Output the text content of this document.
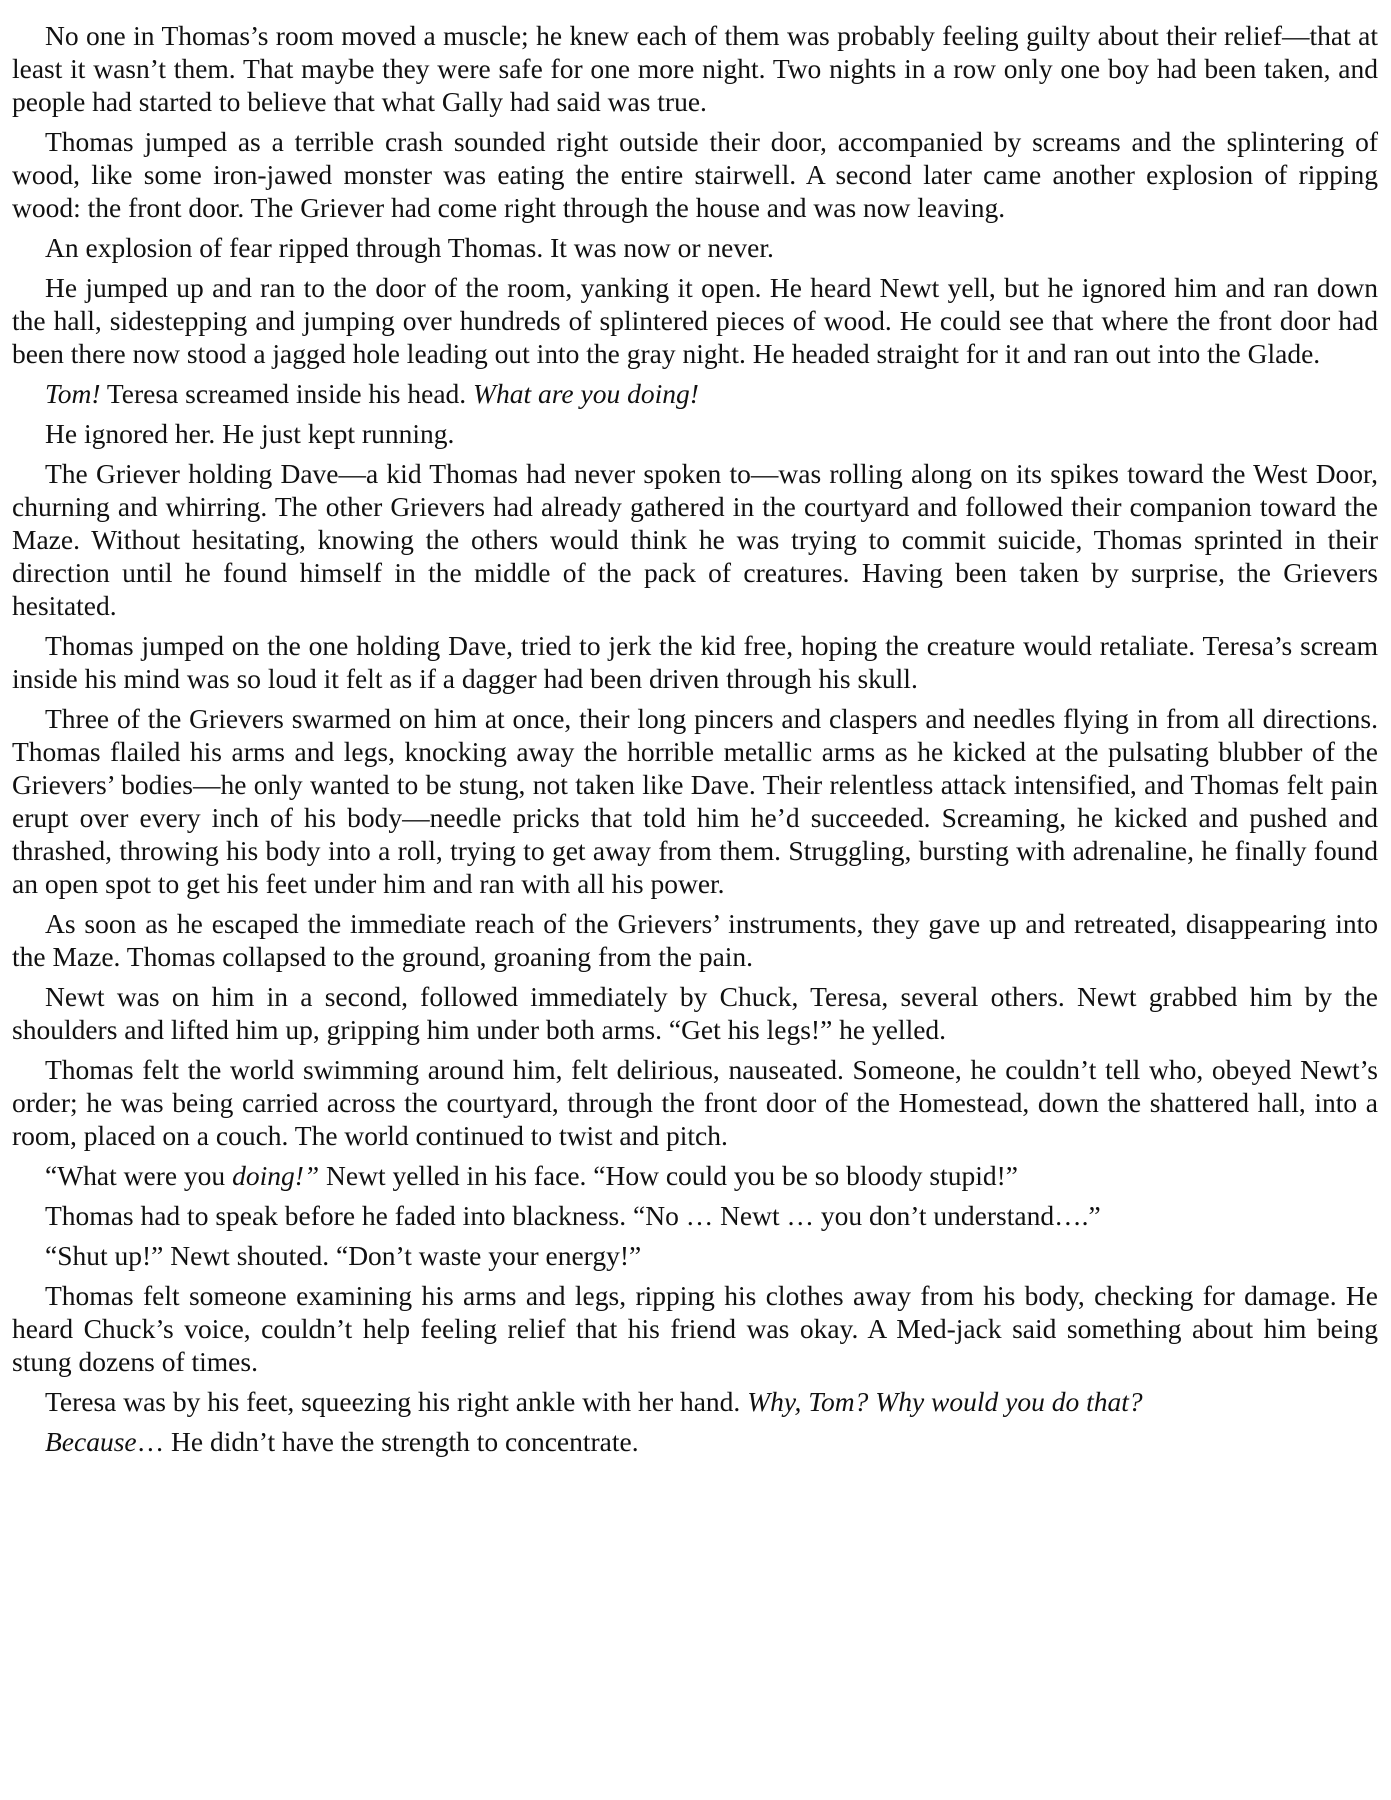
No one in Thomas’s room moved a muscle; he knew each of them was probably feeling guilty about their relief—that at least it wasn’t them. That maybe they were safe for one more night. Two nights in a row only one boy had been taken, and people had started to believe that what Gally had said was true.

Thomas jumped as a terrible crash sounded right outside their door, accompanied by screams and the splintering of wood, like some iron-jawed monster was eating the entire stairwell. A second later came another explosion of ripping wood: the front door. The Griever had come right through the house and was now leaving.

An explosion of fear ripped through Thomas. It was now or never.

He jumped up and ran to the door of the room, yanking it open. He heard Newt yell, but he ignored him and ran down the hall, sidestepping and jumping over hundreds of splintered pieces of wood. He could see that where the front door had been there now stood a jagged hole leading out into the gray night. He headed straight for it and ran out into the Glade.

Tom! Teresa screamed inside his head. What are you doing!

He ignored her. He just kept running.

The Griever holding Dave—a kid Thomas had never spoken to—was rolling along on its spikes toward the West Door, churning and whirring. The other Grievers had already gathered in the courtyard and followed their companion toward the Maze. Without hesitating, knowing the others would think he was trying to commit suicide, Thomas sprinted in their direction until he found himself in the middle of the pack of creatures. Having been taken by surprise, the Grievers hesitated.

Thomas jumped on the one holding Dave, tried to jerk the kid free, hoping the creature would retaliate. Teresa’s scream inside his mind was so loud it felt as if a dagger had been driven through his skull.

Three of the Grievers swarmed on him at once, their long pincers and claspers and needles flying in from all directions. Thomas flailed his arms and legs, knocking away the horrible metallic arms as he kicked at the pulsating blubber of the Grievers’ bodies—he only wanted to be stung, not taken like Dave. Their relentless attack intensified, and Thomas felt pain erupt over every inch of his body—needle pricks that told him he’d succeeded. Screaming, he kicked and pushed and thrashed, throwing his body into a roll, trying to get away from them. Struggling, bursting with adrenaline, he finally found an open spot to get his feet under him and ran with all his power.

As soon as he escaped the immediate reach of the Grievers’ instruments, they gave up and retreated, disappearing into the Maze. Thomas collapsed to the ground, groaning from the pain.

Newt was on him in a second, followed immediately by Chuck, Teresa, several others. Newt grabbed him by the shoulders and lifted him up, gripping him under both arms. “Get his legs!” he yelled.

Thomas felt the world swimming around him, felt delirious, nauseated. Someone, he couldn’t tell who, obeyed Newt’s order; he was being carried across the courtyard, through the front door of the Homestead, down the shattered hall, into a room, placed on a couch. The world continued to twist and pitch.

“What were you doing!” Newt yelled in his face. “How could you be so bloody stupid!”

Thomas had to speak before he faded into blackness. “No … Newt … you don’t understand….”

“Shut up!” Newt shouted. “Don’t waste your energy!”

Thomas felt someone examining his arms and legs, ripping his clothes away from his body, checking for damage. He heard Chuck’s voice, couldn’t help feeling relief that his friend was okay. A Med-jack said something about him being stung dozens of times.

Teresa was by his feet, squeezing his right ankle with her hand. Why, Tom? Why would you do that?

Because… He didn’t have the strength to concentrate.
